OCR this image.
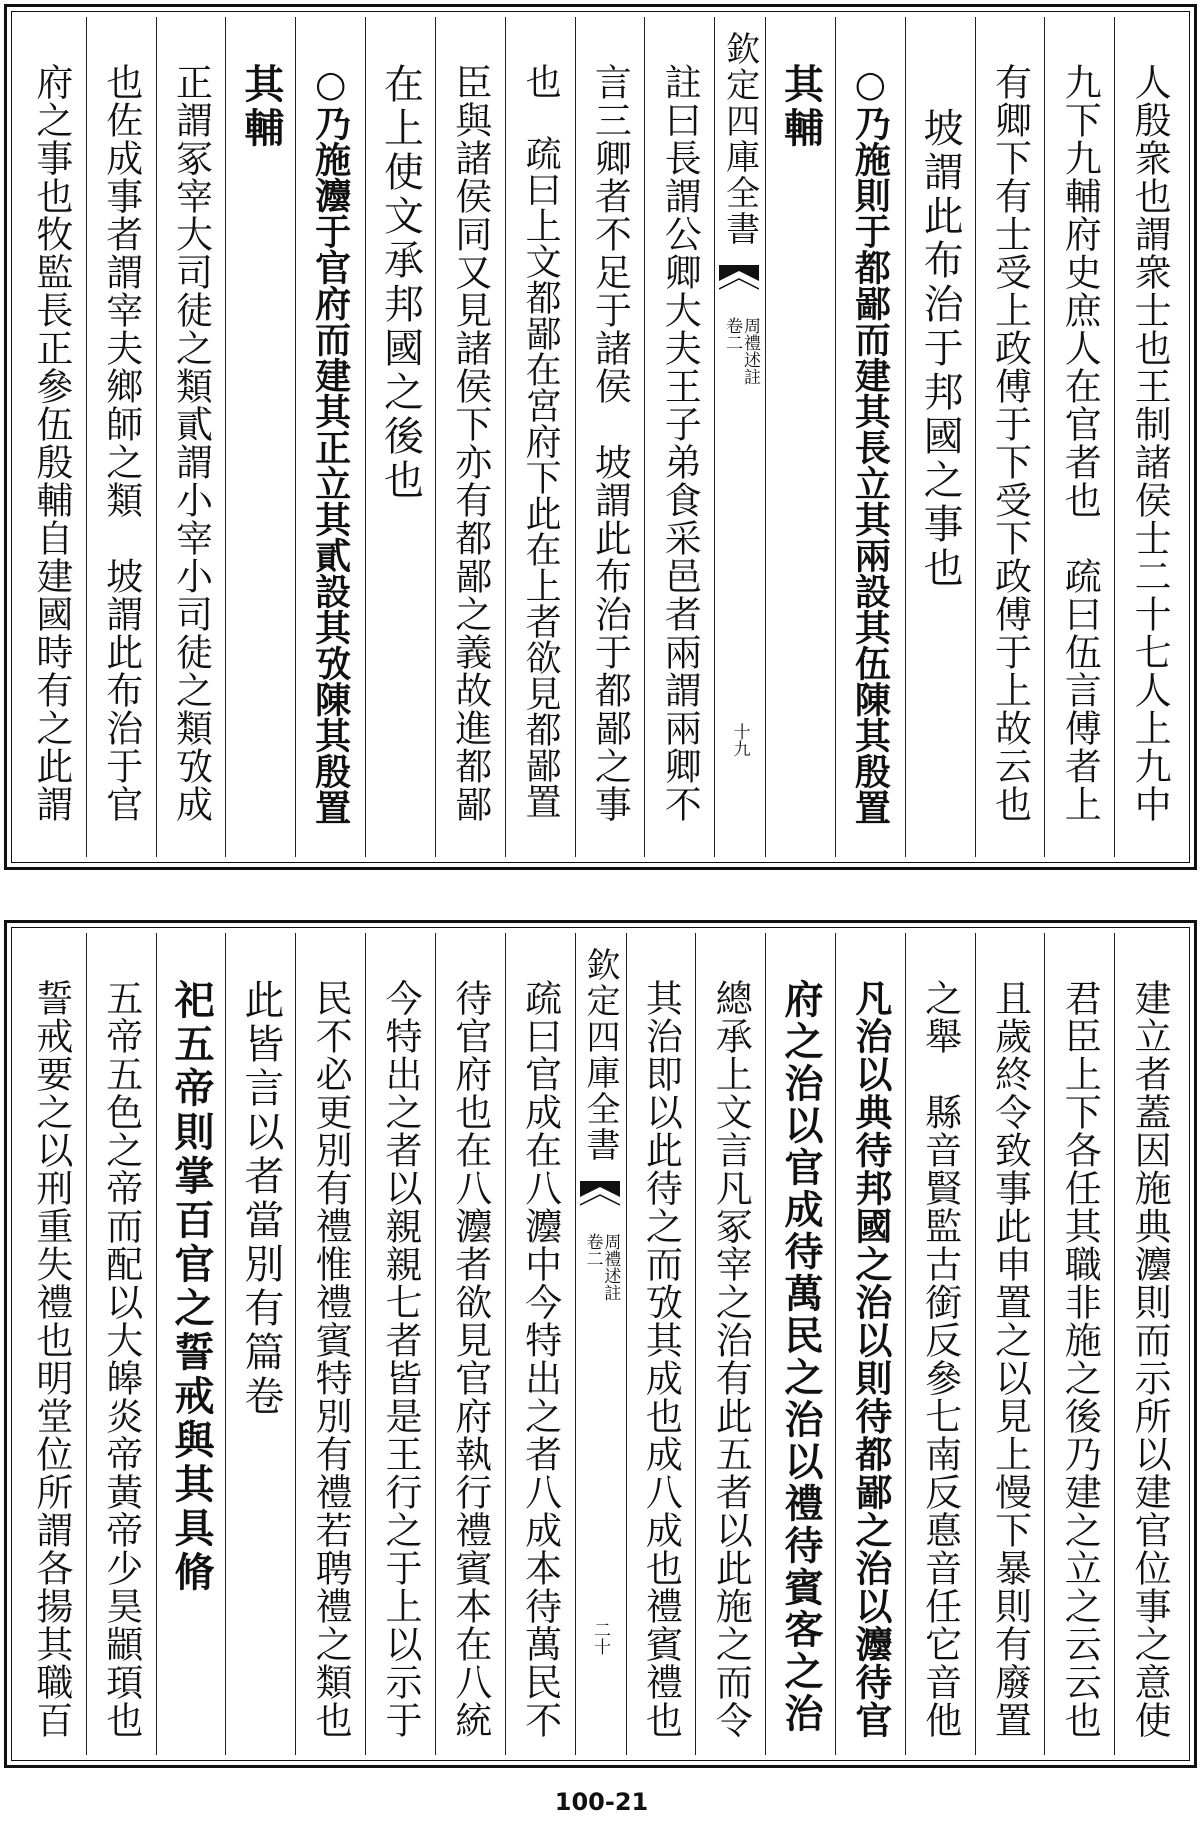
人殷衆也謂衆士也王制諸侯士二十七人上九中
九下九輔府史庶人在官者也　疏曰伍言傅者上
有卿下有士受上政傅于下受下政傅于上故云也
　坡謂此布治于邦國之事也
○乃施則于都鄙而建其長立其兩設其伍陳其殷置
其輔
欽定四庫全書
周禮述註
卷二
十九
註曰長謂公卿大夫王子弟食采邑者兩謂兩卿不
言三卿者不足于諸侯　坡謂此布治于都鄙之事
也　疏曰上文都鄙在宮府下此在上者欲見都鄙置
臣與諸侯同又見諸侯下亦有都鄙之義故進都鄙
在上使文承邦國之後也
○乃施灋于官府而建其正立其貳設其攷陳其殷置
其輔
正謂冢宰大司徒之類貳謂小宰小司徒之類攷成
也佐成事者謂宰夫鄉師之類　坡謂此布治于官
府之事也牧監長正參伍殷輔自建國時有之此謂
建立者蓋因施典灋則而示所以建官位事之意使
君臣上下各任其職非施之後乃建之立之云云也
且歲終令致事此申置之以見上慢下暴則有廢置
之舉　縣音賢監古銜反參七南反悳音任它音他
凡治以典待邦國之治以則待都鄙之治以灋待官
府之治以官成待萬民之治以禮待賓客之治
總承上文言凡冢宰之治有此五者以此施之而令
其治即以此待之而攷其成也成八成也禮賓禮也
欽定四庫全書
周禮述註
卷二
二十
疏曰官成在八灋中今特出之者八成本待萬民不
待官府也在八灋者欲見官府執行禮賓本在八統
今特出之者以親親七者皆是王行之于上以示于
民不必更別有禮惟禮賓特別有禮若聘禮之類也
此皆言以者當別有篇卷
祀五帝則掌百官之誓戒與其具脩
五帝五色之帝而配以大皞炎帝黃帝少昊顓頊也
誓戒要之以刑重失禮也明堂位所謂各揚其職百
100-21
